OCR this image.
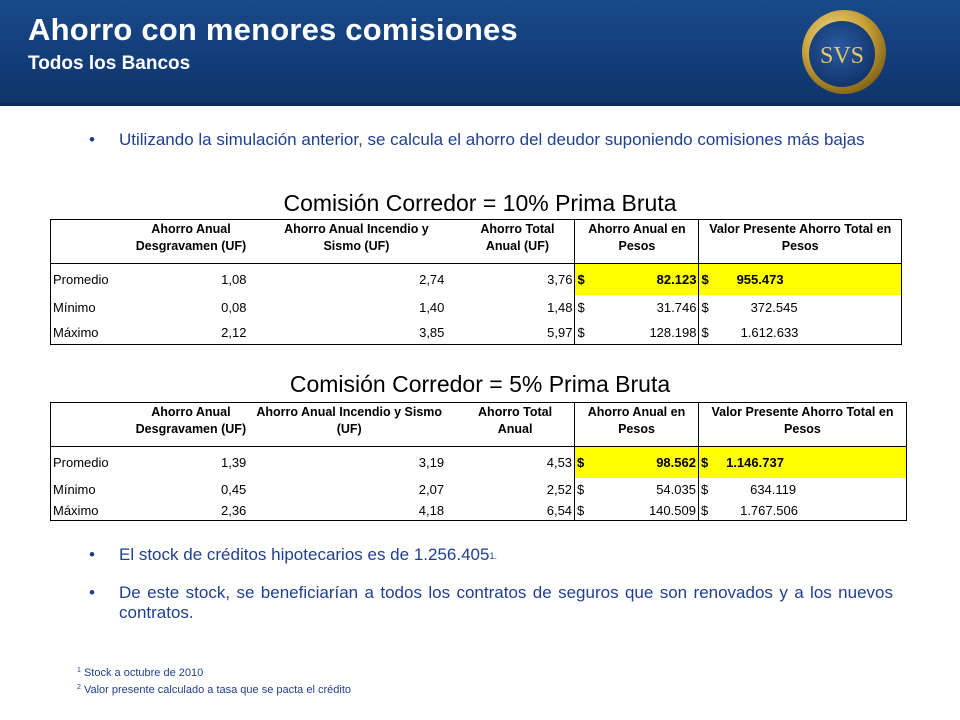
Ahorro con menores comisiones
Todos los Bancos	SVS
• Utilizando la simulación anterior, se calcula el ahorro del deudor suponiendo comisiones más bajas
Comisión Corredor = 10% Prima Bruta
	Ahorro Anual Desgravamen (UF)	Ahorro Anual Incendio y Sismo (UF)	Ahorro Total Anual (UF)	Ahorro Anual en Pesos		Valor Presente Ahorro Total en Pesos	
Promedio	1,08	2,74	3,76	$	82.123	$	955.473
Mínimo	0,08	1,40	1,48	$	31.746	$	372.545
Máximo	2,12	3,85	5,97	$	128.198	$	1.612.633
Comisión Corredor = 5% Prima Bruta
	Ahorro Anual Desgravamen (UF)	Ahorro Anual Incendio y Sismo (UF)	Ahorro Total Anual	Ahorro Anual en Pesos		Valor Presente Ahorro Total en Pesos	
Promedio	1,39	3,19	4,53	$	98.562	$	1.146.737
Mínimo	0,45	2,07	2,52	$	54.035	$	634.119
Máximo	2,36	4,18	6,54	$	140.509	$	1.767.506
• El stock de créditos hipotecarios es de $1.256.405^{1.}$
• De este stock, se beneficiarían a todos los contratos de seguros que son renovados y a los nuevos contratos.
$^1$ Stock a octubre de 2010
$^2$ Valor presente calculado a tasa que se pacta el crédito
